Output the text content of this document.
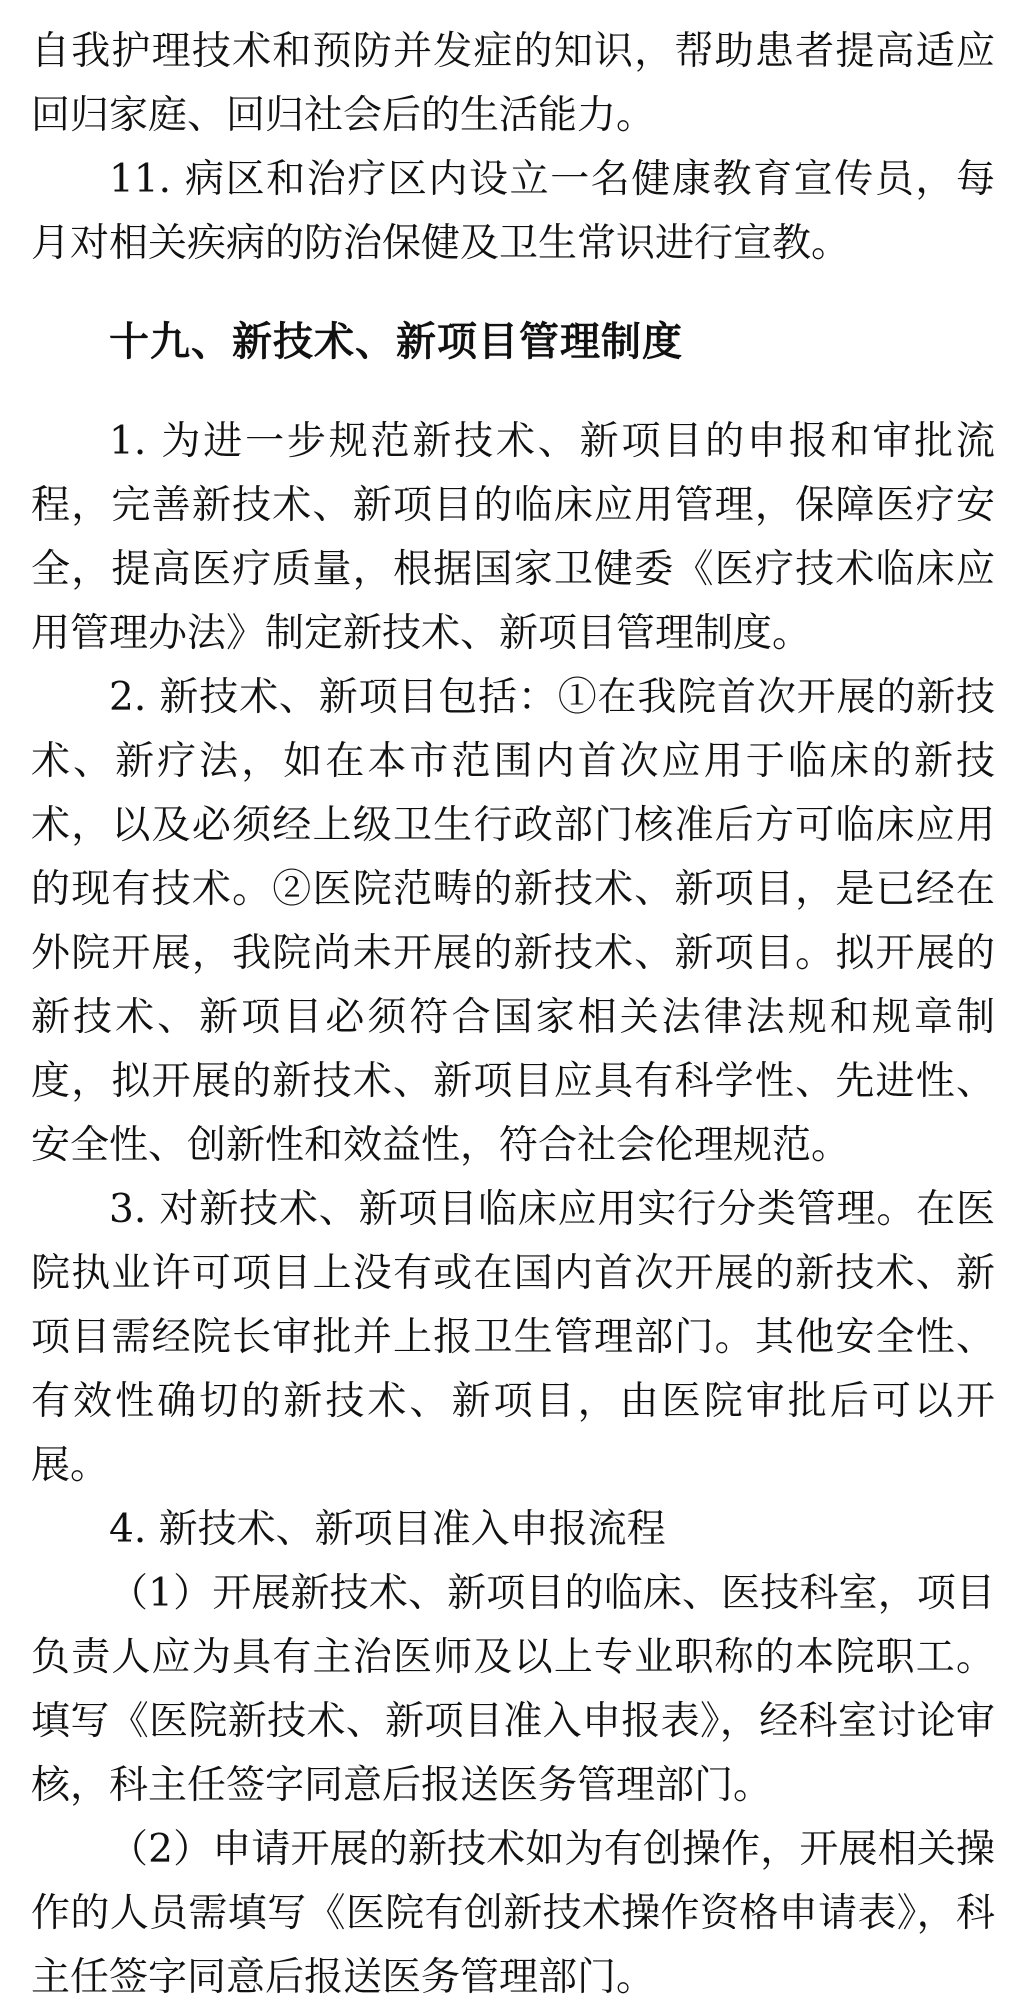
自我护理技术和预防并发症的知识，帮助患者提高适应回归家庭、回归社会后的生活能力。

11. 病区和治疗区内设立一名健康教育宣传员，每月对相关疾病的防治保健及卫生常识进行宣教。

十九、新技术、新项目管理制度

1. 为进一步规范新技术、新项目的申报和审批流程，完善新技术、新项目的临床应用管理，保障医疗安全，提高医疗质量，根据国家卫健委《医疗技术临床应用管理办法》制定新技术、新项目管理制度。

2. 新技术、新项目包括：①在我院首次开展的新技术、新疗法，如在本市范围内首次应用于临床的新技术，以及必须经上级卫生行政部门核准后方可临床应用的现有技术。②医院范畴的新技术、新项目，是已经在外院开展，我院尚未开展的新技术、新项目。拟开展的新技术、新项目必须符合国家相关法律法规和规章制度，拟开展的新技术、新项目应具有科学性、先进性、安全性、创新性和效益性，符合社会伦理规范。

3. 对新技术、新项目临床应用实行分类管理。在医院执业许可项目上没有或在国内首次开展的新技术、新项目需经院长审批并上报卫生管理部门。其他安全性、有效性确切的新技术、新项目，由医院审批后可以开展。

4. 新技术、新项目准入申报流程

（1）开展新技术、新项目的临床、医技科室，项目负责人应为具有主治医师及以上专业职称的本院职工。填写《医院新技术、新项目准入申报表》，经科室讨论审核，科主任签字同意后报送医务管理部门。

（2）申请开展的新技术如为有创操作，开展相关操作的人员需填写《医院有创新技术操作资格申请表》，科主任签字同意后报送医务管理部门。
